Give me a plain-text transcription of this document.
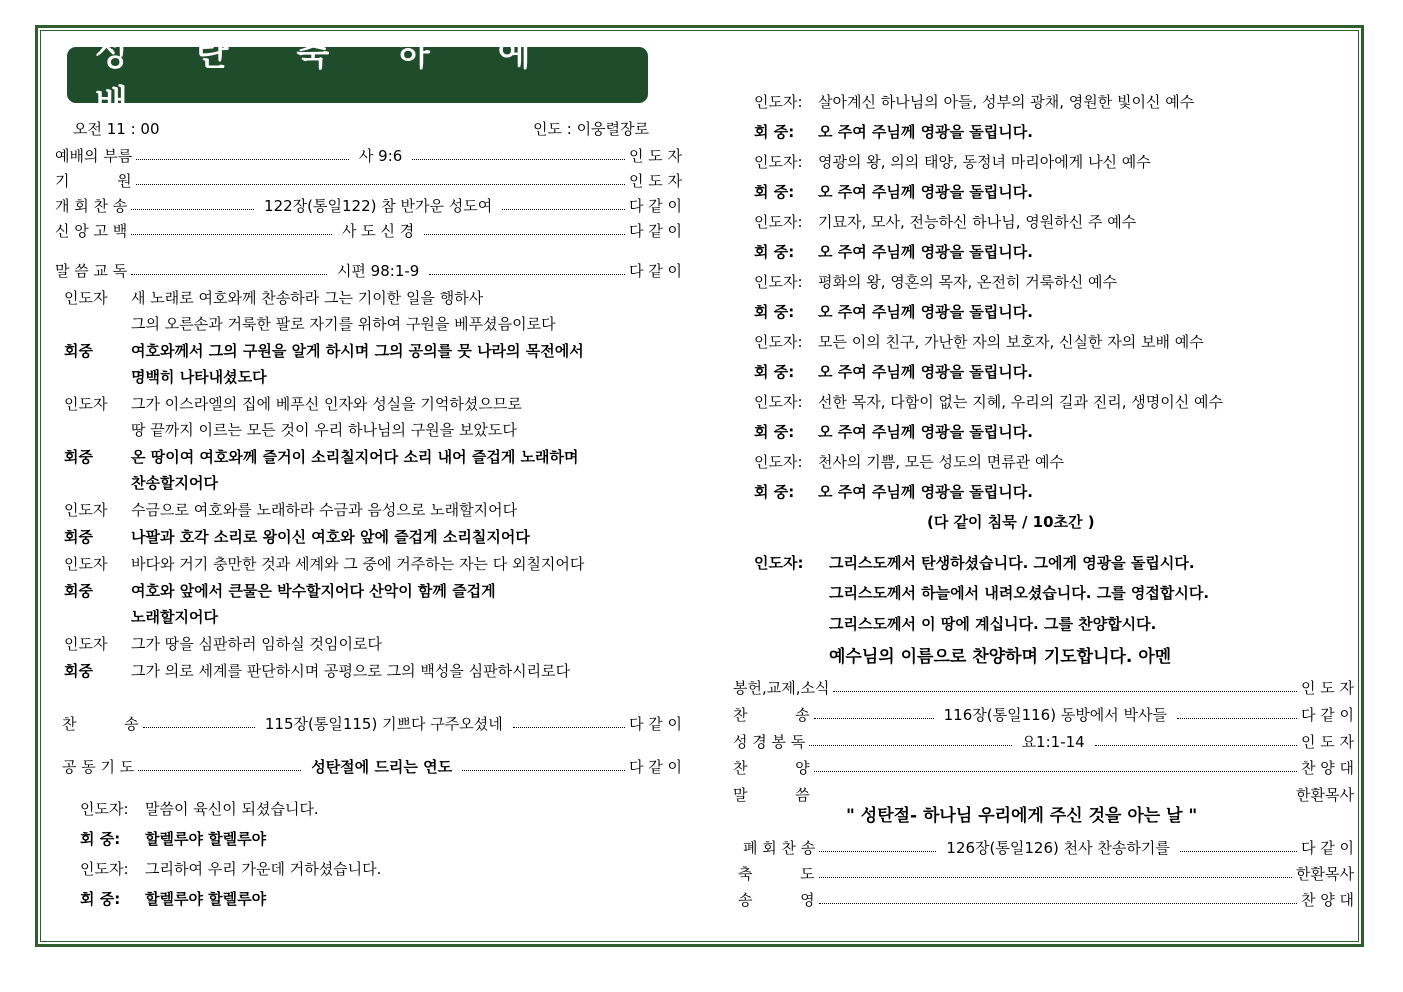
성 탄 축 하 예 배
오전 11 : 00	인도 : 이웅렬장로
예배의 부름	사 9:6	인 도 자
기          원	인 도 자
개 회 찬 송	122장(통일122) 참 반가운 성도여	다 같 이
신 앙 고 백	사 도 신 경	다 같 이
말 씀 교 독	시편 98:1-9	다 같 이
인도자 새 노래로 여호와께 찬송하라 그는 기이한 일을 행하사
그의 오른손과 거룩한 팔로 자기를 위하여 구원을 베푸셨음이로다
회중	여호와께서 그의 구원을 알게 하시며 그의 공의를 뭇 나라의 목전에서
명백히 나타내셨도다
인도자 그가 이스라엘의 집에 베푸신 인자와 성실을 기억하셨으므로
땅 끝까지 이르는 모든 것이 우리 하나님의 구원을 보았도다
회중	온 땅이여 여호와께 즐거이 소리칠지어다 소리 내어 즐겁게 노래하며
찬송할지어다
인도자 수금으로 여호와를 노래하라 수금과 음성으로 노래할지어다
회중	나팔과 호각 소리로 왕이신 여호와 앞에 즐겁게 소리칠지어다
인도자 바다와 거기 충만한 것과 세계와 그 중에 거주하는 자는 다 외칠지어다
회중	여호와 앞에서 큰물은 박수할지어다 산악이 함께 즐겁게
노래할지어다
인도자 그가 땅을 심판하러 임하실 것임이로다
회중	그가 의로 세계를 판단하시며 공평으로 그의 백성을 심판하시리로다
찬          송	115장(통일115) 기쁘다 구주오셨네	다 같 이
공 동 기 도	성탄절에 드리는 연도	다 같 이
인도자: 말씀이 육신이 되셨습니다.
회 중: 할렐루야 할렐루야
인도자: 그리하여 우리 가운데 거하셨습니다.
회 중: 할렐루야 할렐루야
인도자: 살아계신 하나님의 아들, 성부의 광채, 영원한 빛이신 예수
회 중: 오 주여 주님께 영광을 돌립니다.
인도자: 영광의 왕, 의의 태양, 동정녀 마리아에게 나신 예수
회 중: 오 주여 주님께 영광을 돌립니다.
인도자: 기묘자, 모사, 전능하신 하나님, 영원하신 주 예수
회 중: 오 주여 주님께 영광을 돌립니다.
인도자: 평화의 왕, 영혼의 목자, 온전히 거룩하신 예수
회 중: 오 주여 주님께 영광을 돌립니다.
인도자: 모든 이의 친구, 가난한 자의 보호자, 신실한 자의 보배 예수
회 중: 오 주여 주님께 영광을 돌립니다.
인도자: 선한 목자, 다함이 없는 지혜, 우리의 길과 진리, 생명이신 예수
회 중: 오 주여 주님께 영광을 돌립니다.
인도자: 천사의 기쁨, 모든 성도의 면류관 예수
회 중: 오 주여 주님께 영광을 돌립니다.
(다 같이 침묵 / 10초간 )
인도자: 그리스도께서 탄생하셨습니다. 그에게 영광을 돌립시다.
그리스도께서 하늘에서 내려오셨습니다. 그를 영접합시다.
그리스도께서 이 땅에 계십니다. 그를 찬양합시다.
예수님의 이름으로 찬양하며 기도합니다. 아멘
봉헌,교제,소식	인 도 자
찬          송	116장(통일116) 동방에서 박사들	다 같 이
성 경 봉 독	요1:1-14	인 도 자
찬          양	찬 양 대
말          씀	한환목사
" 성탄절- 하나님 우리에게 주신 것을 아는 날 "
폐 회 찬 송	126장(통일126) 천사 찬송하기를	다 같 이
축          도	한환목사
송          영	찬 양 대
